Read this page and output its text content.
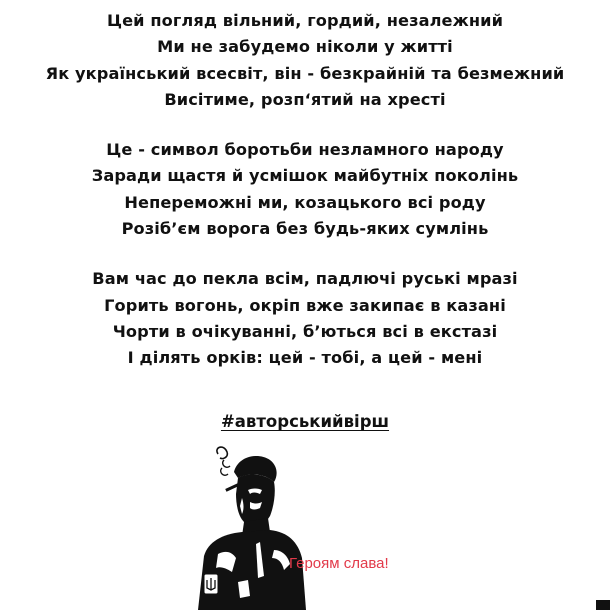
Цей погляд вільний, гордий, незалежний
Ми не забудемо ніколи у житті
Як український всесвіт, він - безкрайній та безмежний
Висітиме, розп‘ятий на хресті
Це - символ боротьби незламного народу
Заради щастя й усмішок майбутніх поколінь
Непереможні ми, козацького всі роду
Розіб’єм ворога без будь-яких сумлінь
Вам час до пекла всім, падлючі руські мразі
Горить вогонь, окріп вже закипає в казані
Чорти в очікуванні, б’ються всі в екстазі
І ділять орків: цей - тобі, а цей - мені
#авторськийвірш
Героям слава!
